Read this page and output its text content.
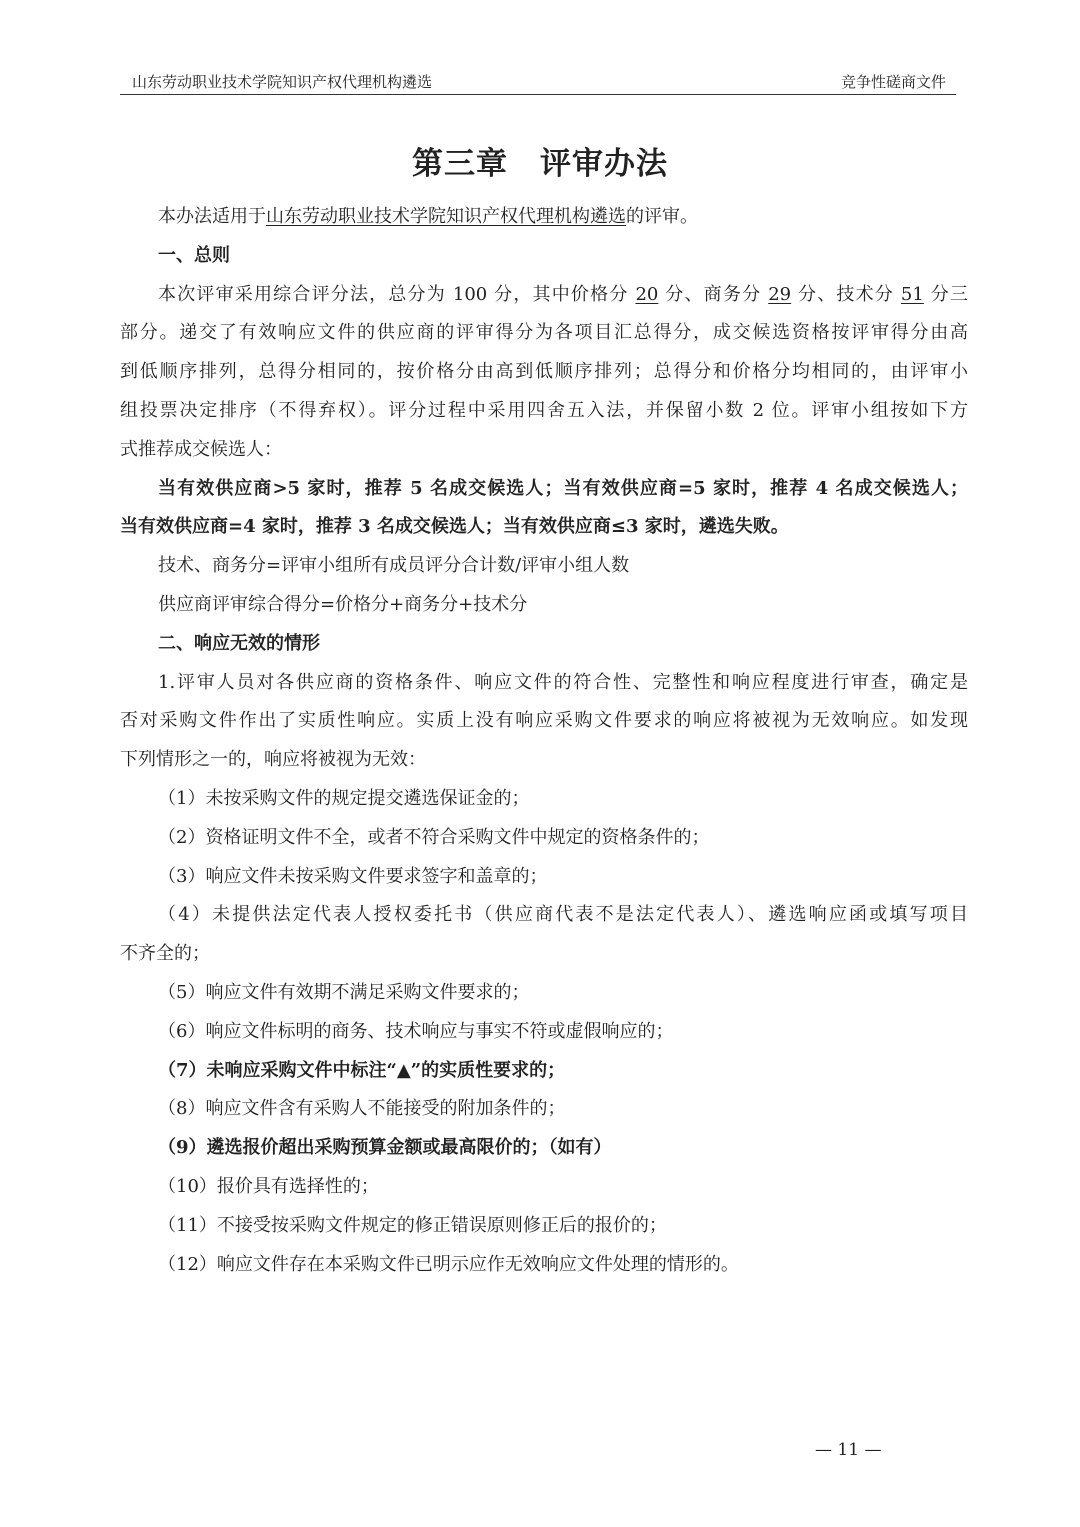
山东劳动职业技术学院知识产权代理机构遴选	竞争性磋商文件
第三章　评审办法

本办法适用于山东劳动职业技术学院知识产权代理机构遴选的评审。

一、总则

本次评审采用综合评分法，总分为 100 分，其中价格分 20 分、商务分 29 分、技术分 51 分三

部分。递交了有效响应文件的供应商的评审得分为各项目汇总得分，成交候选资格按评审得分由高

到低顺序排列，总得分相同的，按价格分由高到低顺序排列；总得分和价格分均相同的，由评审小

组投票决定排序（不得弃权）。评分过程中采用四舍五入法，并保留小数 2 位。评审小组按如下方

式推荐成交候选人：

当有效供应商>5 家时，推荐 5 名成交候选人；当有效供应商=5 家时，推荐 4 名成交候选人；

当有效供应商=4 家时，推荐 3 名成交候选人；当有效供应商≤3 家时，遴选失败。

技术、商务分=评审小组所有成员评分合计数/评审小组人数

供应商评审综合得分=价格分+商务分+技术分

二、响应无效的情形

1.评审人员对各供应商的资格条件、响应文件的符合性、完整性和响应程度进行审查，确定是

否对采购文件作出了实质性响应。实质上没有响应采购文件要求的响应将被视为无效响应。如发现

下列情形之一的，响应将被视为无效：

（1）未按采购文件的规定提交遴选保证金的；

（2）资格证明文件不全，或者不符合采购文件中规定的资格条件的；

（3）响应文件未按采购文件要求签字和盖章的；

（4）未提供法定代表人授权委托书（供应商代表不是法定代表人）、遴选响应函或填写项目

不齐全的；

（5）响应文件有效期不满足采购文件要求的；

（6）响应文件标明的商务、技术响应与事实不符或虚假响应的；

（7）未响应采购文件中标注“▲”的实质性要求的；

（8）响应文件含有采购人不能接受的附加条件的；

（9）遴选报价超出采购预算金额或最高限价的；（如有）

（10）报价具有选择性的；

（11）不接受按采购文件规定的修正错误原则修正后的报价的；

（12）响应文件存在本采购文件已明示应作无效响应文件处理的情形的。

— 11 —
